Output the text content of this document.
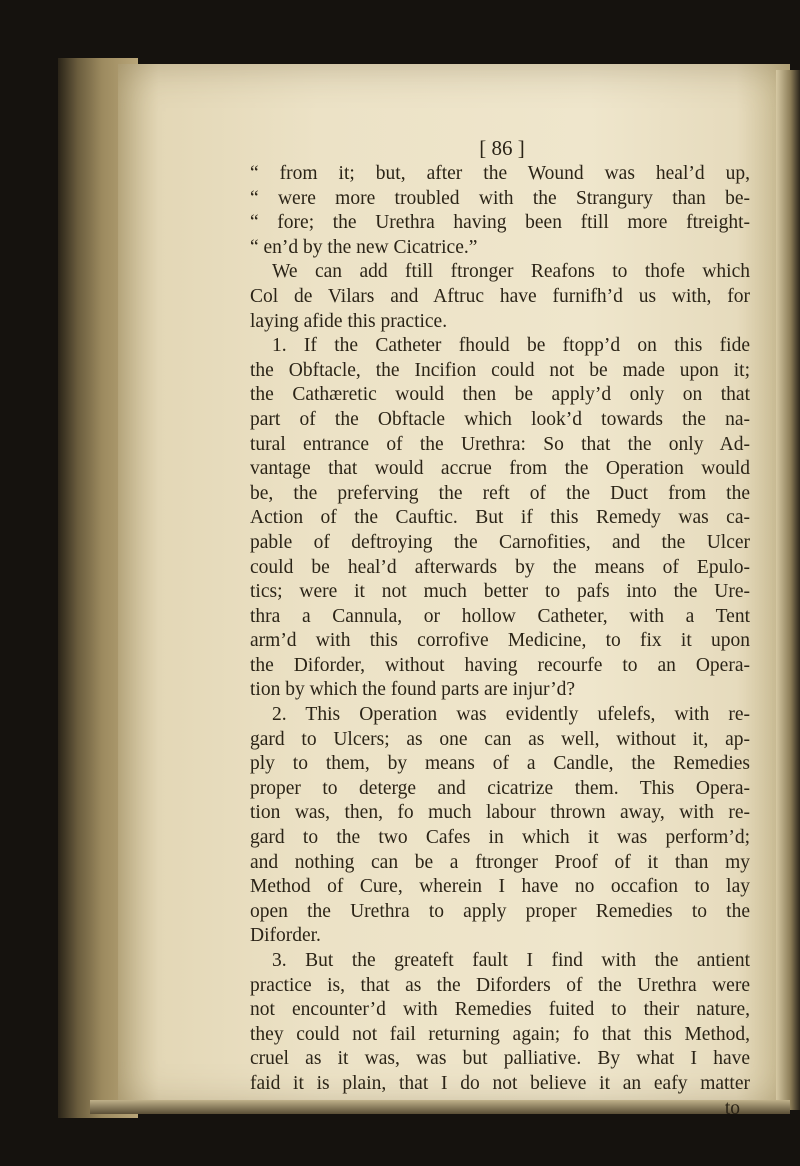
[ 86 ]
“ from it; but, after the Wound was heal’d up,
“ were more troubled with the Strangury than be-
“ fore; the Urethra having been ftill more ftreight-
“ en’d by the new Cicatrice.”
We can add ftill ftronger Reafons to thofe which
Col de Vilars and Aftruc have furnifh’d us with, for
laying afide this practice.
1. If the Catheter fhould be ftopp’d on this fide
the Obftacle, the Incifion could not be made upon it;
the Cathæretic would then be apply’d only on that
part of the Obftacle which look’d towards the na-
tural entrance of the Urethra: So that the only Ad-
vantage that would accrue from the Operation would
be, the preferving the reft of the Duct from the
Action of the Cauftic. But if this Remedy was ca-
pable of deftroying the Carnofities, and the Ulcer
could be heal’d afterwards by the means of Epulo-
tics; were it not much better to pafs into the Ure-
thra a Cannula, or hollow Catheter, with a Tent
arm’d with this corrofive Medicine, to fix it upon
the Diforder, without having recourfe to an Opera-
tion by which the found parts are injur’d?
2. This Operation was evidently ufelefs, with re-
gard to Ulcers; as one can as well, without it, ap-
ply to them, by means of a Candle, the Remedies
proper to deterge and cicatrize them. This Opera-
tion was, then, fo much labour thrown away, with re-
gard to the two Cafes in which it was perform’d;
and nothing can be a ftronger Proof of it than my
Method of Cure, wherein I have no occafion to lay
open the Urethra to apply proper Remedies to the
Diforder.
3. But the greateft fault I find with the antient
practice is, that as the Diforders of the Urethra were
not encounter’d with Remedies fuited to their nature,
they could not fail returning again; fo that this Method,
cruel as it was, was but palliative. By what I have
faid it is plain, that I do not believe it an eafy matter
to
